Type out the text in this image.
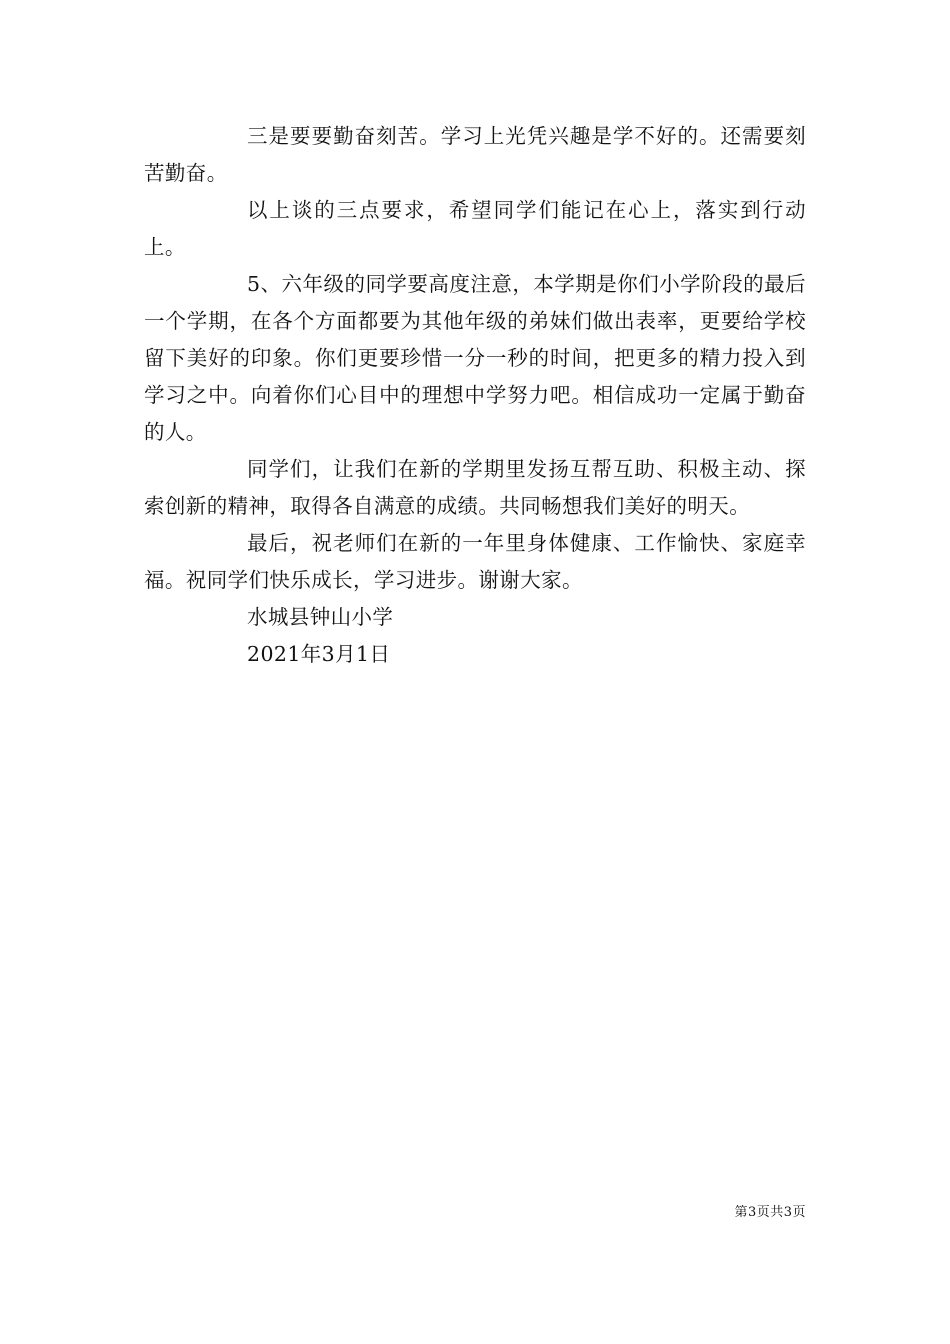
三是要要勤奋刻苦。学习上光凭兴趣是学不好的。还需要刻苦勤奋。

以上谈的三点要求，希望同学们能记在心上，落实到行动上。

5、六年级的同学要高度注意，本学期是你们小学阶段的最后一个学期，在各个方面都要为其他年级的弟妹们做出表率，更要给学校留下美好的印象。你们更要珍惜一分一秒的时间，把更多的精力投入到学习之中。向着你们心目中的理想中学努力吧。相信成功一定属于勤奋的人。

同学们，让我们在新的学期里发扬互帮互助、积极主动、探索创新的精神，取得各自满意的成绩。共同畅想我们美好的明天。

最后，祝老师们在新的一年里身体健康、工作愉快、家庭幸福。祝同学们快乐成长，学习进步。谢谢大家。

水城县钟山小学

2021年3月1日

第3页共3页
